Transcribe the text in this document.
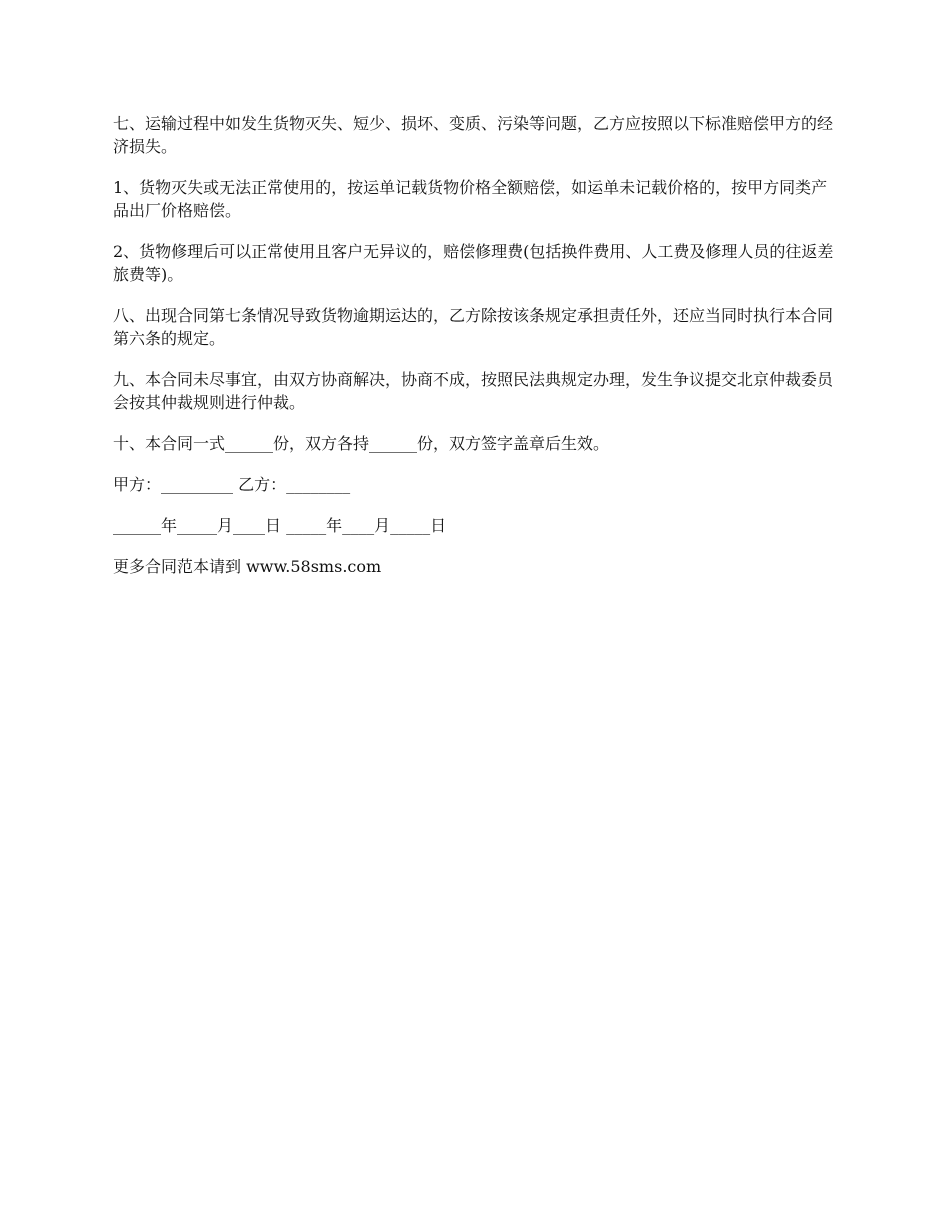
七、运输过程中如发生货物灭失、短少、损坏、变质、污染等问题，乙方应按照以下标准赔偿甲方的经济损失。

1、货物灭失或无法正常使用的，按运单记载货物价格全额赔偿，如运单未记载价格的，按甲方同类产品出厂价格赔偿。

2、货物修理后可以正常使用且客户无异议的，赔偿修理费(包括换件费用、人工费及修理人员的往返差旅费等)。

八、出现合同第七条情况导致货物逾期运达的，乙方除按该条规定承担责任外，还应当同时执行本合同第六条的规定。

九、本合同未尽事宜，由双方协商解决，协商不成，按照民法典规定办理，发生争议提交北京仲裁委员会按其仲裁规则进行仲裁。

十、本合同一式______份，双方各持______份，双方签字盖章后生效。

甲方：_________ 乙方：________

______年_____月____日 _____年____月_____日

更多合同范本请到 www.58sms.com
